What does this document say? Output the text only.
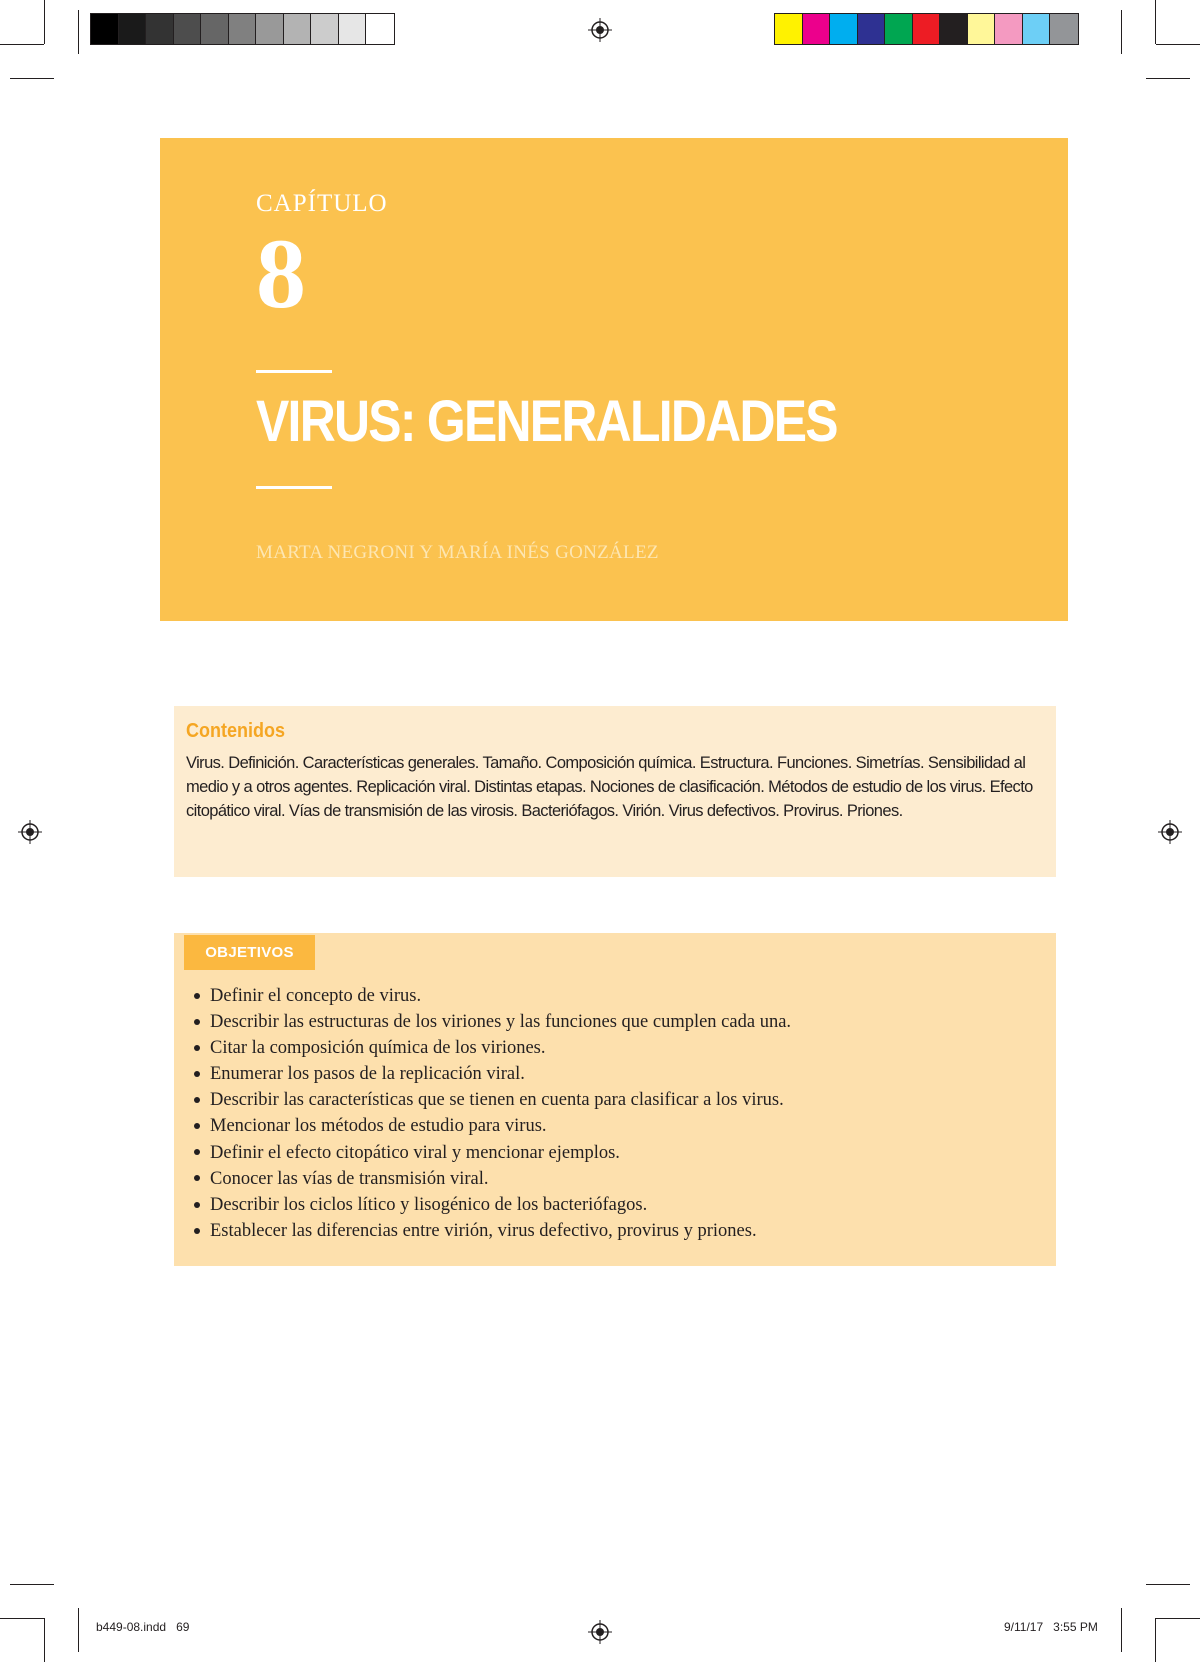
CAPÍTULO
8
VIRUS: GENERALIDADES
MARTA NEGRONI Y MARÍA INÉS GONZÁLEZ
Contenidos
Virus. Definición. Características generales. Tamaño. Composición química. Estructura. Funciones. Simetrías. Sensibilidad al medio y a otros agentes. Replicación viral. Distintas etapas. Nociones de clasificación. Métodos de estudio de los virus. Efecto citopático viral. Vías de transmisión de las virosis. Bacteriófagos. Virión. Virus defectivos. Provirus. Priones.
OBJETIVOS
Definir el concepto de virus.
Describir las estructuras de los viriones y las funciones que cumplen cada una.
Citar la composición química de los viriones.
Enumerar los pasos de la replicación viral.
Describir las características que se tienen en cuenta para clasificar a los virus.
Mencionar los métodos de estudio para virus.
Definir el efecto citopático viral y mencionar ejemplos.
Conocer las vías de transmisión viral.
Describir los ciclos lítico y lisogénico de los bacteriófagos.
Establecer las diferencias entre virión, virus defectivo, provirus y priones.
b449-08.indd   69	9/11/17   3:55 PM
